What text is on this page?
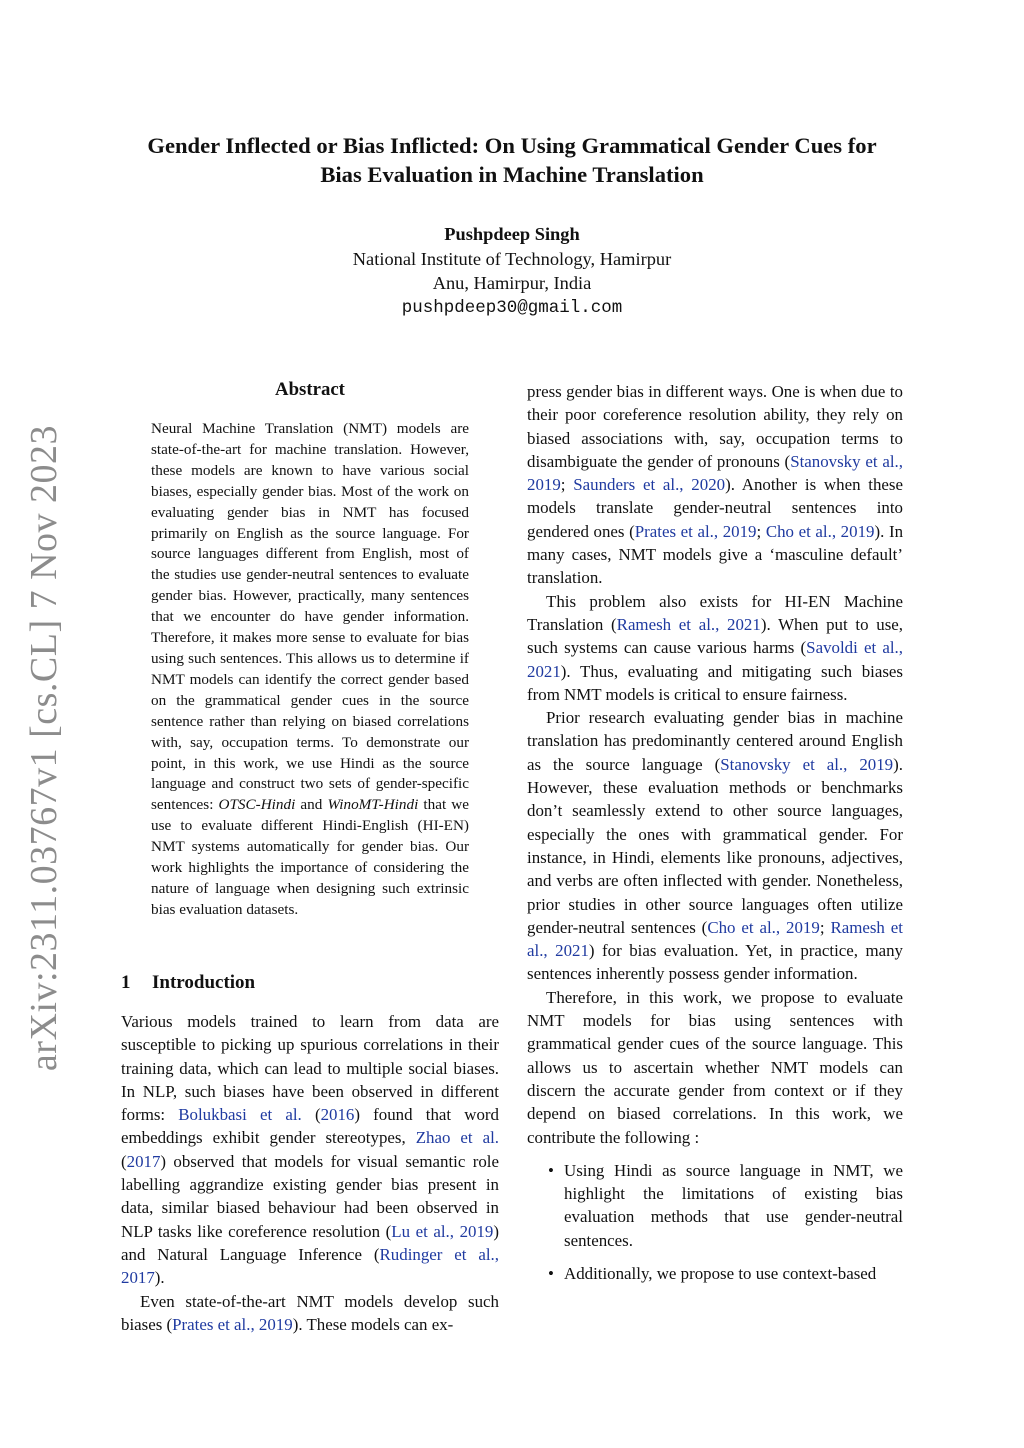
arXiv:2311.03767v1 [cs.CL] 7 Nov 2023
Gender Inflected or Bias Inflicted: On Using Grammatical Gender Cues for
Bias Evaluation in Machine Translation
Pushpdeep Singh
National Institute of Technology, Hamirpur
Anu, Hamirpur, India
pushpdeep30@gmail.com
Abstract
Neural Machine Translation (NMT) models are state-of-the-art for machine translation. However, these models are known to have various social biases, especially gender bias. Most of the work on evaluating gender bias in NMT has focused primarily on English as the source language. For source languages different from English, most of the studies use gender-neutral sentences to evaluate gender bias. However, practically, many sentences that we encounter do have gender information. Therefore, it makes more sense to evaluate for bias using such sentences. This allows us to determine if NMT models can identify the correct gender based on the grammatical gender cues in the source sentence rather than relying on biased correlations with, say, occupation terms. To demonstrate our point, in this work, we use Hindi as the source language and construct two sets of gender-specific sentences: OTSC-Hindi and WinoMT-Hindi that we use to evaluate different Hindi-English (HI-EN) NMT systems automatically for gender bias. Our work highlights the importance of considering the nature of language when designing such extrinsic bias evaluation datasets.
1 Introduction

Various models trained to learn from data are susceptible to picking up spurious correlations in their training data, which can lead to multiple social biases. In NLP, such biases have been observed in different forms: Bolukbasi et al. (2016) found that word embeddings exhibit gender stereotypes, Zhao et al. (2017) observed that models for visual semantic role labelling aggrandize existing gender bias present in data, similar biased behaviour had been observed in NLP tasks like coreference resolution (Lu et al., 2019) and Natural Language Inference (Rudinger et al., 2017).

Even state-of-the-art NMT models develop such biases (Prates et al., 2019). These models can ex-

press gender bias in different ways. One is when due to their poor coreference resolution ability, they rely on biased associations with, say, occupation terms to disambiguate the gender of pronouns (Stanovsky et al., 2019; Saunders et al., 2020). Another is when these models translate gender-neutral sentences into gendered ones (Prates et al., 2019; Cho et al., 2019). In many cases, NMT models give a ‘masculine default’ translation.

This problem also exists for HI-EN Machine Translation (Ramesh et al., 2021). When put to use, such systems can cause various harms (Savoldi et al., 2021). Thus, evaluating and mitigating such biases from NMT models is critical to ensure fairness.

Prior research evaluating gender bias in machine translation has predominantly centered around English as the source language (Stanovsky et al., 2019). However, these evaluation methods or benchmarks don’t seamlessly extend to other source languages, especially the ones with grammatical gender. For instance, in Hindi, elements like pronouns, adjectives, and verbs are often inflected with gender. Nonetheless, prior studies in other source languages often utilize gender-neutral sentences (Cho et al., 2019; Ramesh et al., 2021) for bias evaluation. Yet, in practice, many sentences inherently possess gender information.

Therefore, in this work, we propose to evaluate NMT models for bias using sentences with grammatical gender cues of the source language. This allows us to ascertain whether NMT models can discern the accurate gender from context or if they depend on biased correlations. In this work, we contribute the following :

• Using Hindi as source language in NMT, we highlight the limitations of existing bias evaluation methods that use gender-neutral sentences.
• Additionally, we propose to use context-based
